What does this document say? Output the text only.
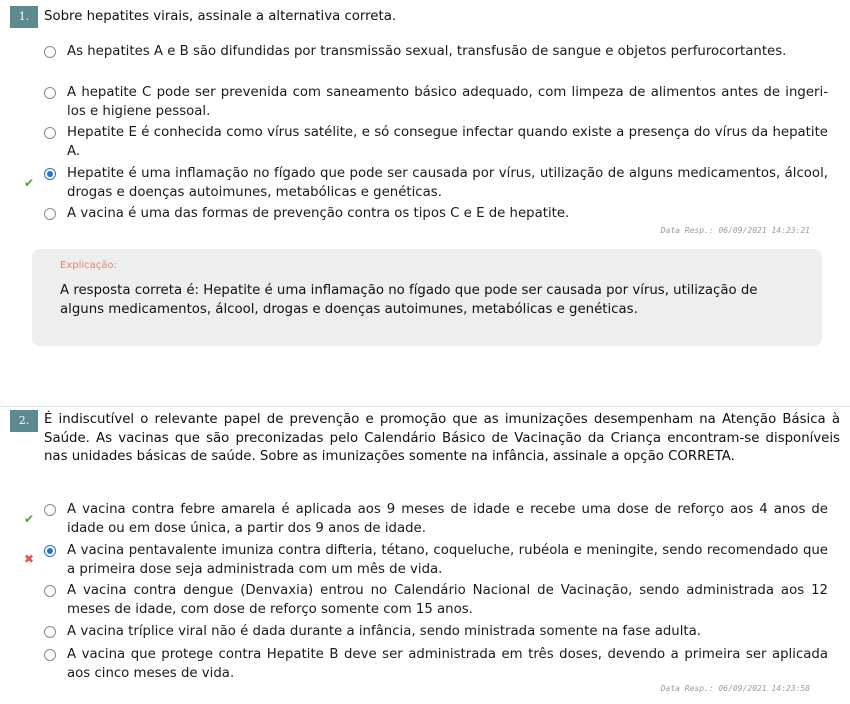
1.	Sobre hepatites virais, assinale a alternativa correta.
As hepatites A e B são difundidas por transmissão sexual, transfusão de sangue e objetos perfurocortantes.
A hepatite C pode ser prevenida com saneamento básico adequado, com limpeza de alimentos antes de ingeri-los e higiene pessoal.
Hepatite E é conhecida como vírus satélite, e só consegue infectar quando existe a presença do vírus da hepatite A.
✔
Hepatite é uma inflamação no fígado que pode ser causada por vírus, utilização de alguns medicamentos, álcool, drogas e doenças autoimunes, metabólicas e genéticas.
A vacina é uma das formas de prevenção contra os tipos C e E de hepatite.
Data Resp.: 06/09/2021 14:23:21
Explicação:
A resposta correta é: Hepatite é uma inflamação no fígado que pode ser causada por vírus, utilização de alguns medicamentos, álcool, drogas e doenças autoimunes, metabólicas e genéticas.
2.	É indiscutível o relevante papel de prevenção e promoção que as imunizações desempenham na Atenção Básica à Saúde. As vacinas que são preconizadas pelo Calendário Básico de Vacinação da Criança encontram-se disponíveis nas unidades básicas de saúde. Sobre as imunizações somente na infância, assinale a opção CORRETA.
✔
A vacina contra febre amarela é aplicada aos 9 meses de idade e recebe uma dose de reforço aos 4 anos de idade ou em dose única, a partir dos 9 anos de idade.
✖
A vacina pentavalente imuniza contra difteria, tétano, coqueluche, rubéola e meningite, sendo recomendado que a primeira dose seja administrada com um mês de vida.
A vacina contra dengue (Denvaxia) entrou no Calendário Nacional de Vacinação, sendo administrada aos 12 meses de idade, com dose de reforço somente com 15 anos.
A vacina tríplice viral não é dada durante a infância, sendo ministrada somente na fase adulta.
A vacina que protege contra Hepatite B deve ser administrada em três doses, devendo a primeira ser aplicada aos cinco meses de vida.
Data Resp.: 06/09/2021 14:23:58
